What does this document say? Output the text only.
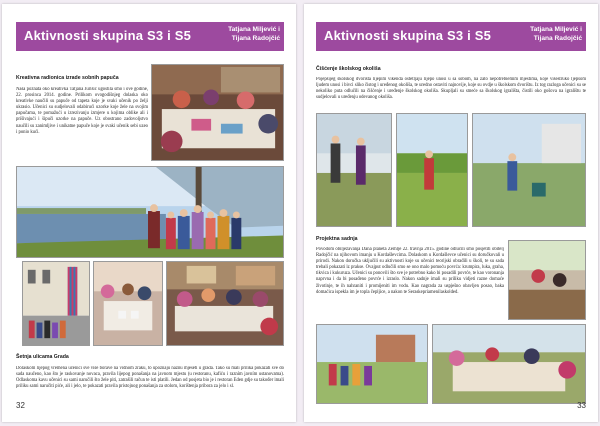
Aktivnosti skupina S3 i S5	Tatjana Miljević i Tijana Radojčić
Kreativna radionica izrade sobnih papuča
Naša poznata oko kreativka Tatjana Jurišić ugostila smo i ove godine, 22. prosinca 2014. godine. Prilikom ovogodišnjeg dolaska oko kreativke naučili su papuče od tapeta koje je svaki učenik po želji ukrasio. Učenici su sudjelovali odabirući uzorke koje žele na svojim papučama, te pomažući u izrezivanju izmjere u kojima oblike ali i prišivajući i šipuči uzorke na papuče. Uz obostrano zadovoljstvo naučili su zanimljive i unikatne papuče koje je svaki učenik sebi uzeo i ponio kući.
Šetnja ulicama Grada
Dolaskom lijepog vremena učenici sve više borave na vidnom zraku, to upoznaju naznu mjeseti u grada. Tako su mali prilika pokazati sve do sada naučeno, kao što je raskovanje novaca, pravila lijepog ponašanja na javnom mjestu (u restoranu, kafiću i razním javním ustanovama). Odlaskoma kavu učenici su sami naručili što žele piti, zatrašili račun te isti platili. Jedan od posjeta bio je i restoran Eden gdje su također imali priliku sami naručiti piće, ali i jelo, te pokazati pravila pristojnog ponašanja za stolom, korištenja pribora za jelo i sl.
32
Aktivnosti skupina S3 i S5	Tatjana Miljević i Tijana Radojčić
Čišćenje školskog okoliša
Pojepšijeg školskog dvorišta lijepim vikenda ostetljaju lijepo unosi u sa sobom, na zato nepotrebiemim mjestima, koje višestruko ljepšom ljudem unosi i bivci sliko čistog i uređenog okoliša, te uredno ostaviti najnovije, koje su ovdje u školskom dvorištu. Iz tog razloga učenici su se nekoliko puta odlučili na čišćenje i uređenje školskog okoliša. Skupljali su smeće sa školskog igrališta, čistili oko gošova na igralištu te sudjelovali u uređenju odevanog okoliša.
Projektna sadnja
Povodom obilježavanja Dana planeta Zemlje 22. travnja 2015. godine odlučili smo posjetiti obitelj Radojčić na njihovom imanju u Kordašlevcima. Dolaskom u Kordašlevce učenici su doručkovali u prirodi. Nakon doručka uključili su aktivnosti koje su učenici teorijski obrađili u školi, te su sada trebali pokazati iz prakse. Ovajput odlučili smo se ono malo pomoću povrća: krumpira, luka, graha, tikvica i kukuruza. Učenici su ponovili što sve je potrebno kako bi posadili povrće, te kao voronanja naprvna i da bi posađeno povrće i izraslo. Nakon sadnje imali su priliku vidjeti razne domaće životinje, te ih nahraniti i promijeniti im vodu. Kao nagrada za uspješno obavljen posao, baka domaćica ispekla im je topla čepljice, a nakon te Seraskepriamenilaskolded.
33
